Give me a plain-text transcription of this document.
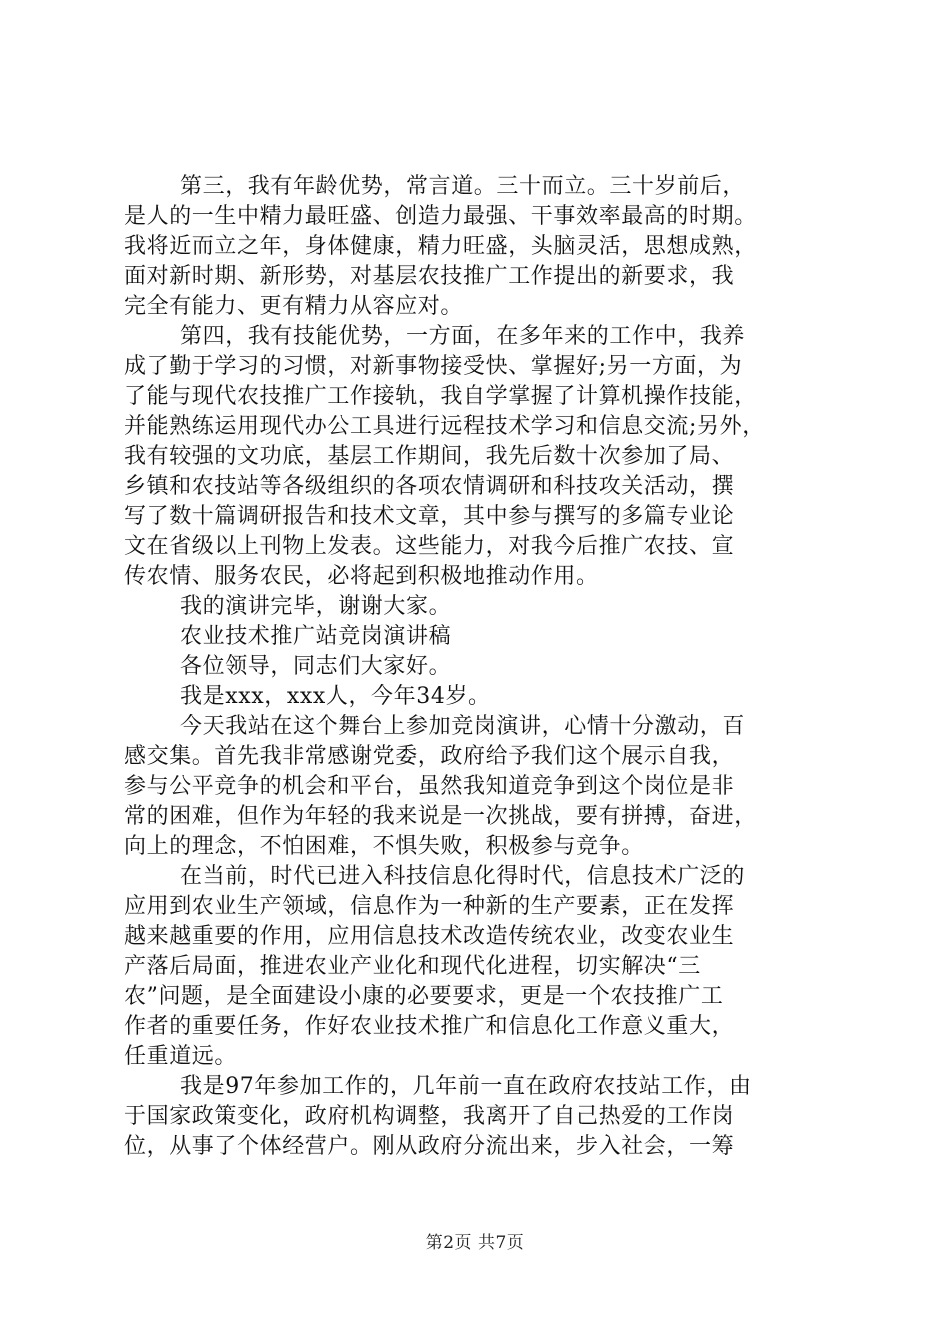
第三，我有年龄优势，常言道。三十而立。三十岁前后，
是人的一生中精力最旺盛、创造力最强、干事效率最高的时期。
我将近而立之年，身体健康，精力旺盛，头脑灵活，思想成熟，
面对新时期、新形势，对基层农技推广工作提出的新要求，我
完全有能力、更有精力从容应对。
第四，我有技能优势，一方面，在多年来的工作中，我养
成了勤于学习的习惯，对新事物接受快、掌握好;另一方面，为
了能与现代农技推广工作接轨，我自学掌握了计算机操作技能，
并能熟练运用现代办公工具进行远程技术学习和信息交流;另外，
我有较强的文功底，基层工作期间，我先后数十次参加了局、
乡镇和农技站等各级组织的各项农情调研和科技攻关活动，撰
写了数十篇调研报告和技术文章，其中参与撰写的多篇专业论
文在省级以上刊物上发表。这些能力，对我今后推广农技、宣
传农情、服务农民，必将起到积极地推动作用。
我的演讲完毕，谢谢大家。
农业技术推广站竞岗演讲稿
各位领导，同志们大家好。
我是xxx，xxx人，今年34岁。
今天我站在这个舞台上参加竞岗演讲，心情十分激动，百
感交集。首先我非常感谢党委，政府给予我们这个展示自我，
参与公平竞争的机会和平台，虽然我知道竞争到这个岗位是非
常的困难，但作为年轻的我来说是一次挑战，要有拼搏，奋进，
向上的理念，不怕困难，不惧失败，积极参与竞争。
在当前，时代已进入科技信息化得时代，信息技术广泛的
应用到农业生产领域，信息作为一种新的生产要素，正在发挥
越来越重要的作用，应用信息技术改造传统农业，改变农业生
产落后局面，推进农业产业化和现代化进程，切实解决“三
农”问题，是全面建设小康的必要要求，更是一个农技推广工
作者的重要任务，作好农业技术推广和信息化工作意义重大，
任重道远。
我是97年参加工作的，几年前一直在政府农技站工作，由
于国家政策变化，政府机构调整，我离开了自己热爱的工作岗
位，从事了个体经营户。刚从政府分流出来，步入社会，一筹
第2页 共7页
